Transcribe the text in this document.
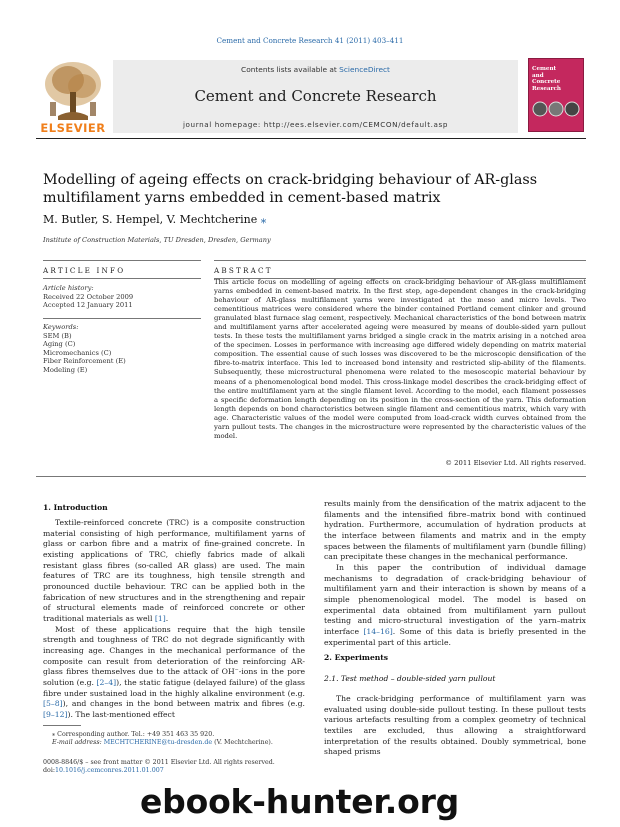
Cement and Concrete Research 41 (2011) 403–411
ELSEVIER
Contents lists available at ScienceDirect
Cement and Concrete Research
journal homepage: http://ees.elsevier.com/CEMCON/default.asp
Cement
and
Concrete
Research
Modelling of ageing effects on crack-bridging behaviour of AR-glass multifilament yarns embedded in cement-based matrix
M. Butler, S. Hempel, V. Mechtcherine ⁎
Institute of Construction Materials, TU Dresden, Dresden, Germany
ARTICLE INFO	ABSTRACT
Article history:
Received 22 October 2009
Accepted 12 January 2011
Keywords:
SEM (B)
Aging (C)
Micromechanics (C)
Fiber Reinforcement (E)
Modeling (E)
This article focus on modelling of ageing effects on crack-bridging behaviour of AR-glass multifilament yarns embedded in cement-based matrix. In the first step, age-dependent changes in the crack-bridging behaviour of AR-glass multifilament yarns were investigated at the meso and micro levels. Two cementitious matrices were considered where the binder contained Portland cement clinker and ground granulated blast furnace slag cement, respectively. Mechanical characteristics of the bond between matrix and multifilament yarns after accelerated ageing were measured by means of double-sided yarn pullout tests. In these tests the multifilament yarns bridged a single crack in the matrix arising in a notched area of the specimen. Losses in performance with increasing age differed widely depending on matrix material composition. The essential cause of such losses was discovered to be the microscopic densification of the fibre-to-matrix interface. This led to increased bond intensity and restricted slip-ability of the filaments. Subsequently, these microstructural phenomena were related to the mesoscopic material behaviour by means of a phenomenological bond model. This cross-linkage model describes the crack-bridging effect of the entire multifilament yarn at the single filament level. According to the model, each filament possesses a specific deformation length depending on its position in the cross-section of the yarn. This deformation length depends on bond characteristics between single filament and cementitious matrix, which vary with age. Characteristic values of the model were computed from load-crack width curves obtained from the yarn pullout tests. The changes in the microstructure were represented by the characteristic values of the model.
© 2011 Elsevier Ltd. All rights reserved.
1. Introduction

Textile-reinforced concrete (TRC) is a composite construction material consisting of high performance, multifilament yarns of glass or carbon fibre and a matrix of fine-grained concrete. In existing applications of TRC, chiefly fabrics made of alkali resistant glass fibres (so-called AR glass) are used. The main features of TRC are its toughness, high tensile strength and pronounced ductile behaviour. TRC can be applied both in the fabrication of new structures and in the strengthening and repair of structural elements made of reinforced concrete or other traditional materials as well [1].

Most of these applications require that the high tensile strength and toughness of TRC do not degrade significantly with increasing age. Changes in the mechanical performance of the composite can result from deterioration of the reinforcing AR-glass fibres themselves due to the attack of OH⁻-ions in the pore solution (e.g. [2–4]), the static fatigue (delayed failure) of the glass fibre under sustained load in the highly alkaline environment (e.g. [5–8]), and changes in the bond between matrix and fibres (e.g. [9–12]). The last-mentioned effect

results mainly from the densification of the matrix adjacent to the filaments and the intensified fibre–matrix bond with continued hydration. Furthermore, accumulation of hydration products at the interface between filaments and matrix and in the empty spaces between the filaments of multifilament yarn (bundle filling) can precipitate these changes in the mechanical performance.

In this paper the contribution of individual damage mechanisms to degradation of crack-bridging behaviour of multifilament yarn and their interaction is shown by means of a simple phenomenological model. The model is based on experimental data obtained from multifilament yarn pullout testing and micro-structural investigation of the yarn–matrix interface [14–16]. Some of this data is briefly presented in the experimental part of this article.

2. Experiments
2.1. Test method – double-sided yarn pullout

The crack-bridging performance of multifilament yarn was evaluated using double-side pullout testing. In these pullout tests various artefacts resulting from a complex geometry of technical textiles are excluded, thus allowing a straightforward interpretation of the results obtained. Doubly symmetrical, bone shaped prisms

⁎ Corresponding author. Tel.: +49 351 463 35 920.
E-mail address: MECHTCHERINE@tu-dresden.de (V. Mechtcherine).
0008-8846/$ – see front matter © 2011 Elsevier Ltd. All rights reserved.
doi:10.1016/j.cemconres.2011.01.007
ebook-hunter.org
